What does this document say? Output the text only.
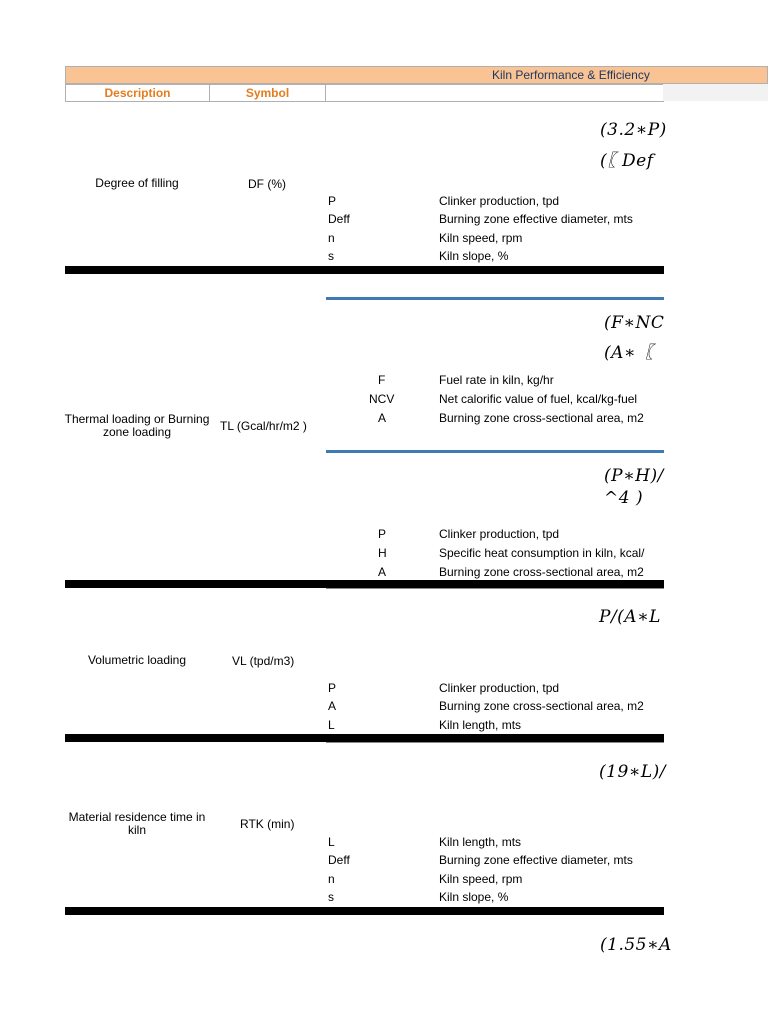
Kiln Performance & Efficiency
Description	Symbol
(3.2∗P)
(〖 Def
Degree of filling	DF (%)
P	Clinker production, tpd
Deff	Burning zone effective diameter, mts
n	Kiln speed, rpm
s	Kiln slope, %
(F∗NC
(A∗〖
F	Fuel rate in kiln, kg/hr
NCV	Net calorific value of fuel, kcal/kg-fuel
A	Burning zone cross-sectional area, m2
Thermal loading or Burning zone loading	TL (Gcal/hr/m2 )
(P∗H)/
^4 )
P	Clinker production, tpd
H	Specific heat consumption in kiln, kcal/
A	Burning zone cross-sectional area, m2
P/(A∗L
Volumetric loading	VL (tpd/m3)
P	Clinker production, tpd
A	Burning zone cross-sectional area, m2
L	Kiln length, mts
(19∗L)/
Material residence time in kiln	RTK (min)
L	Kiln length, mts
Deff	Burning zone effective diameter, mts
n	Kiln speed, rpm
s	Kiln slope, %
(1.55∗A
